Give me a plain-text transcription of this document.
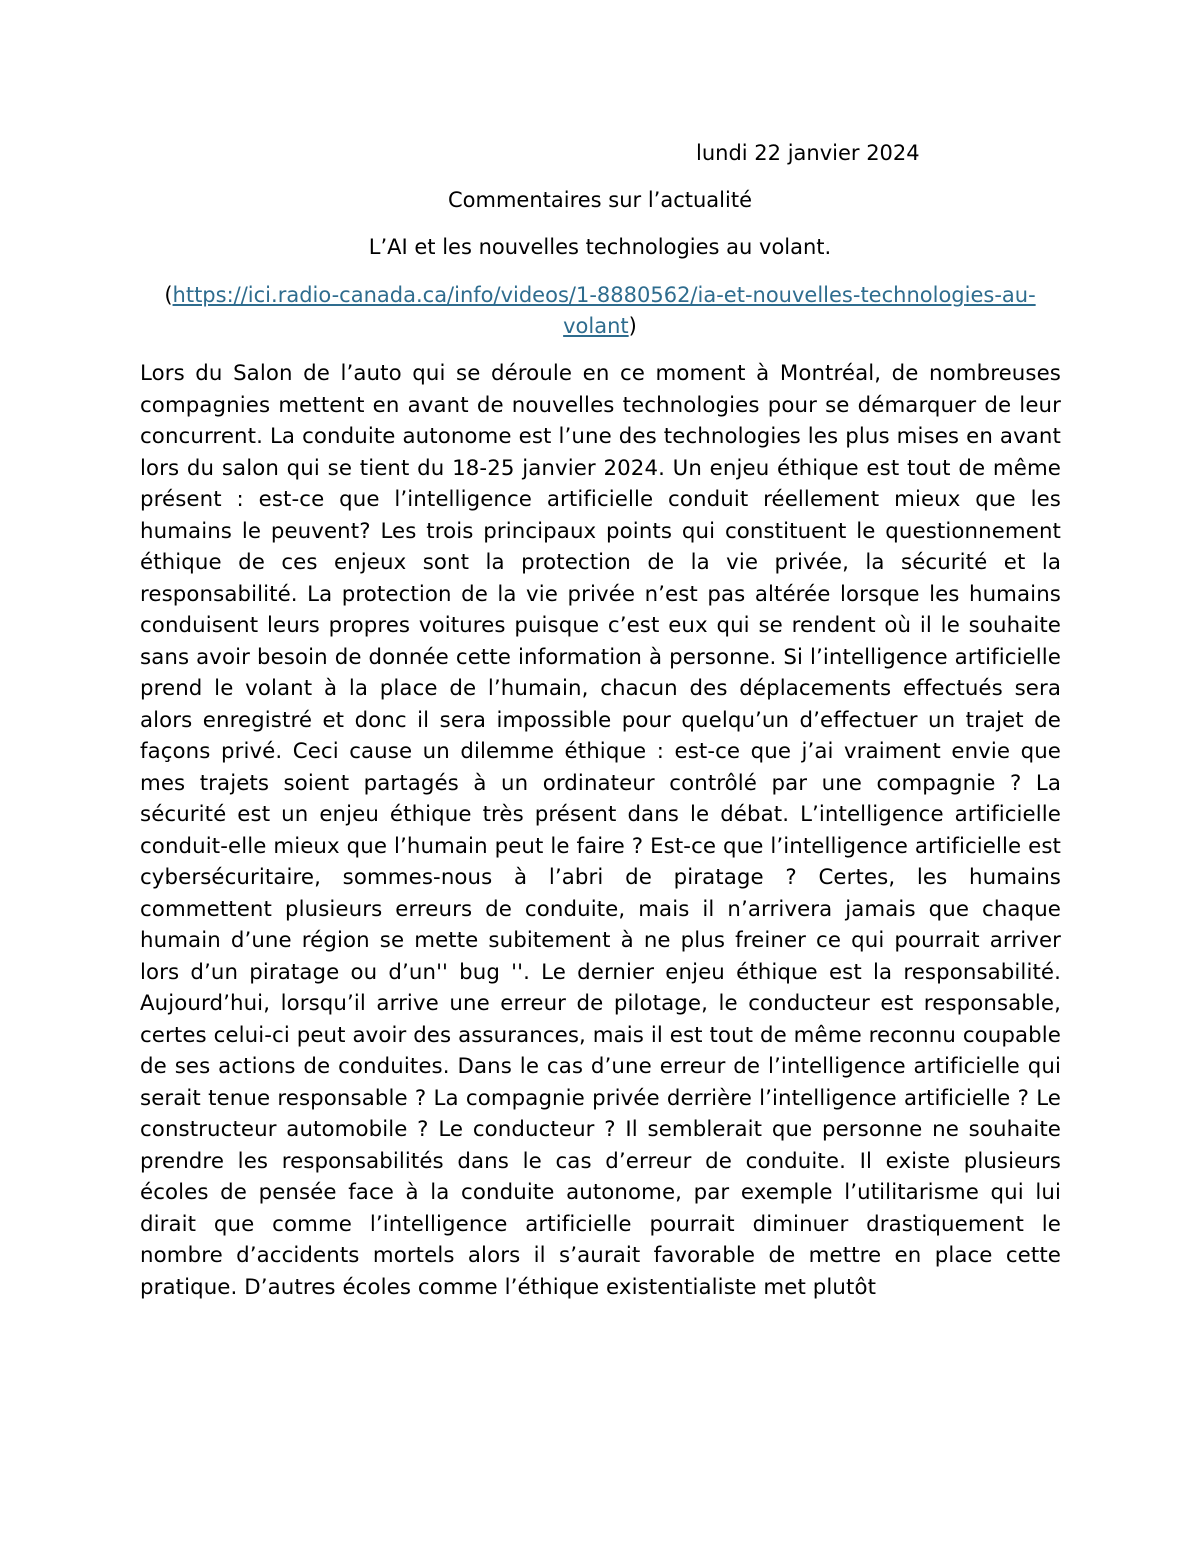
lundi 22 janvier 2024
Commentaires sur l’actualité
L’AI et les nouvelles technologies au volant.
(https://ici.radio-canada.ca/info/videos/1-8880562/ia-et-nouvelles-technologies-au-volant)

Lors du Salon de l’auto qui se déroule en ce moment à Montréal, de nombreuses compagnies mettent en avant de nouvelles technologies pour se démarquer de leur concurrent. La conduite autonome est l’une des technologies les plus mises en avant lors du salon qui se tient du 18-25 janvier 2024. Un enjeu éthique est tout de même présent : est-ce que l’intelligence artificielle conduit réellement mieux que les humains le peuvent? Les trois principaux points qui constituent le questionnement éthique de ces enjeux sont la protection de la vie privée, la sécurité et la responsabilité. La protection de la vie privée n’est pas altérée lorsque les humains conduisent leurs propres voitures puisque c’est eux qui se rendent où il le souhaite sans avoir besoin de donnée cette information à personne. Si l’intelligence artificielle prend le volant à la place de l’humain, chacun des déplacements effectués sera alors enregistré et donc il sera impossible pour quelqu’un d’effectuer un trajet de façons privé. Ceci cause un dilemme éthique : est-ce que j’ai vraiment envie que mes trajets soient partagés à un ordinateur contrôlé par une compagnie ? La sécurité est un enjeu éthique très présent dans le débat. L’intelligence artificielle conduit-elle mieux que l’humain peut le faire ? Est-ce que l’intelligence artificielle est cybersécuritaire, sommes-nous à l’abri de piratage ? Certes, les humains commettent plusieurs erreurs de conduite, mais il n’arrivera jamais que chaque humain d’une région se mette subitement à ne plus freiner ce qui pourrait arriver lors d’un piratage ou d’un'' bug ''. Le dernier enjeu éthique est la responsabilité. Aujourd’hui, lorsqu’il arrive une erreur de pilotage, le conducteur est responsable, certes celui-ci peut avoir des assurances, mais il est tout de même reconnu coupable de ses actions de conduites. Dans le cas d’une erreur de l’intelligence artificielle qui serait tenue responsable ? La compagnie privée derrière l’intelligence artificielle ? Le constructeur automobile ? Le conducteur ? Il semblerait que personne ne souhaite prendre les responsabilités dans le cas d’erreur de conduite. Il existe plusieurs écoles de pensée face à la conduite autonome, par exemple l’utilitarisme qui lui dirait que comme l’intelligence artificielle pourrait diminuer drastiquement le nombre d’accidents mortels alors il s’aurait favorable de mettre en place cette pratique. D’autres écoles comme l’éthique existentialiste met plutôt
